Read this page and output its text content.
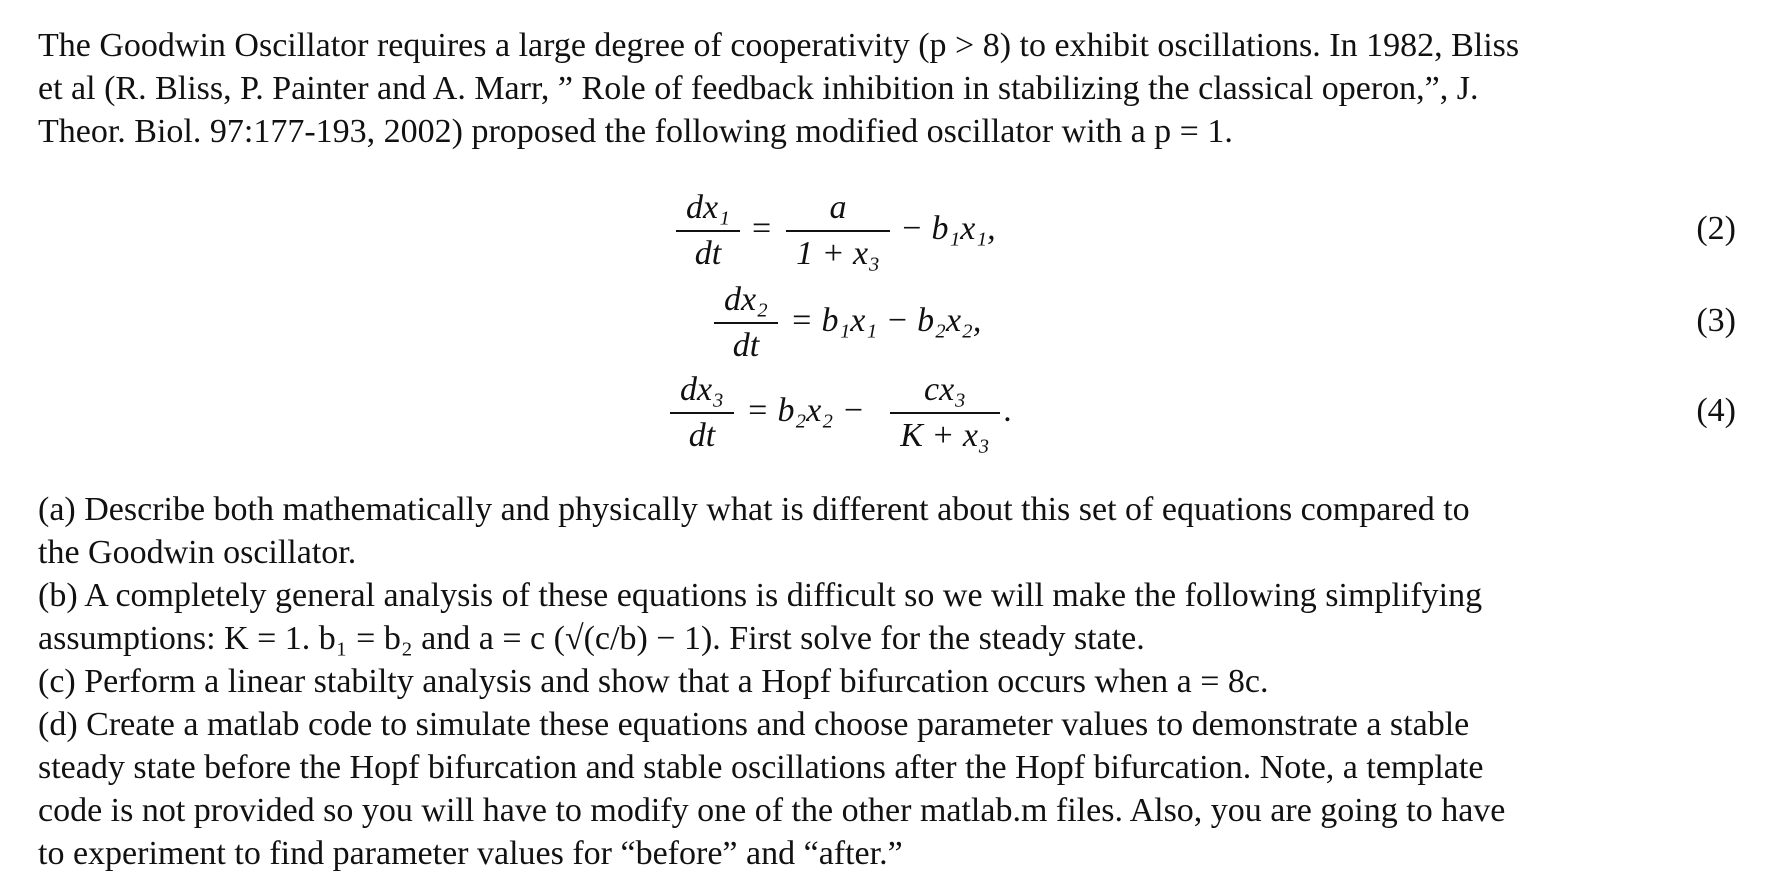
The Goodwin Oscillator requires a large degree of cooperativity (p > 8) to exhibit oscillations. In 1982, Bliss
et al (R. Bliss, P. Painter and A. Marr, ” Role of feedback inhibition in stabilizing the classical operon,”, J.
Theor. Biol. 97:177-193, 2002) proposed the following modified oscillator with a p = 1.
dx₁
dt
=
a
1 + x₃
− b₁x₁,	(2)
dx₂
dt
= b₁x₁ − b₂x₂,	(3)
dx₃
dt
= b₂x₂ −
cx₃
K + x₃
.	(4)
(a) Describe both mathematically and physically what is different about this set of equations compared to
the Goodwin oscillator.
(b) A completely general analysis of these equations is difficult so we will make the following simplifying
assumptions: K = 1. b₁ = b₂ and a = c (√(c/b) − 1). First solve for the steady state.
(c) Perform a linear stabilty analysis and show that a Hopf bifurcation occurs when a = 8c.
(d) Create a matlab code to simulate these equations and choose parameter values to demonstrate a stable
steady state before the Hopf bifurcation and stable oscillations after the Hopf bifurcation. Note, a template
code is not provided so you will have to modify one of the other matlab.m files. Also, you are going to have
to experiment to find parameter values for “before” and “after.”
